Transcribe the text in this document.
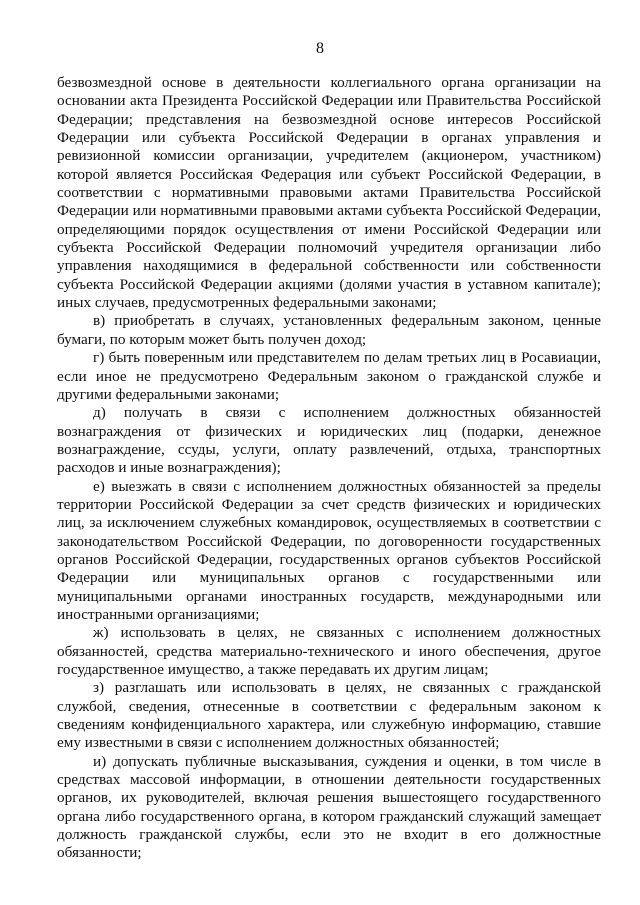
8

безвозмездной основе в деятельности коллегиального органа организации на основании акта Президента Российской Федерации или Правительства Российской Федерации; представления на безвозмездной основе интересов Российской Федерации или субъекта Российской Федерации в органах управления и ревизионной комиссии организации, учредителем (акционером, участником) которой является Российская Федерация или субъект Российской Федерации, в соответствии с нормативными правовыми актами Правительства Российской Федерации или нормативными правовыми актами субъекта Российской Федерации, определяющими порядок осуществления от имени Российской Федерации или субъекта Российской Федерации полномочий учредителя организации либо управления находящимися в федеральной собственности или собственности субъекта Российской Федерации акциями (долями участия в уставном капитале); иных случаев, предусмотренных федеральными законами;

в) приобретать в случаях, установленных федеральным законом, ценные бумаги, по которым может быть получен доход;

г) быть поверенным или представителем по делам третьих лиц в Росавиации, если иное не предусмотрено Федеральным законом о гражданской службе и другими федеральными законами;

д) получать в связи с исполнением должностных обязанностей вознаграждения от физических и юридических лиц (подарки, денежное вознаграждение, ссуды, услуги, оплату развлечений, отдыха, транспортных расходов и иные вознаграждения);

е) выезжать в связи с исполнением должностных обязанностей за пределы территории Российской Федерации за счет средств физических и юридических лиц, за исключением служебных командировок, осуществляемых в соответствии с законодательством Российской Федерации, по договоренности государственных органов Российской Федерации, государственных органов субъектов Российской Федерации или муниципальных органов с государственными или муниципальными органами иностранных государств, международными или иностранными организациями;

ж) использовать в целях, не связанных с исполнением должностных обязанностей, средства материально-технического и иного обеспечения, другое государственное имущество, а также передавать их другим лицам;

з) разглашать или использовать в целях, не связанных с гражданской службой, сведения, отнесенные в соответствии с федеральным законом к сведениям конфиденциального характера, или служебную информацию, ставшие ему известными в связи с исполнением должностных обязанностей;

и) допускать публичные высказывания, суждения и оценки, в том числе в средствах массовой информации, в отношении деятельности государственных органов, их руководителей, включая решения вышестоящего государственного органа либо государственного органа, в котором гражданский служащий замещает должность гражданской службы, если это не входит в его должностные обязанности;
